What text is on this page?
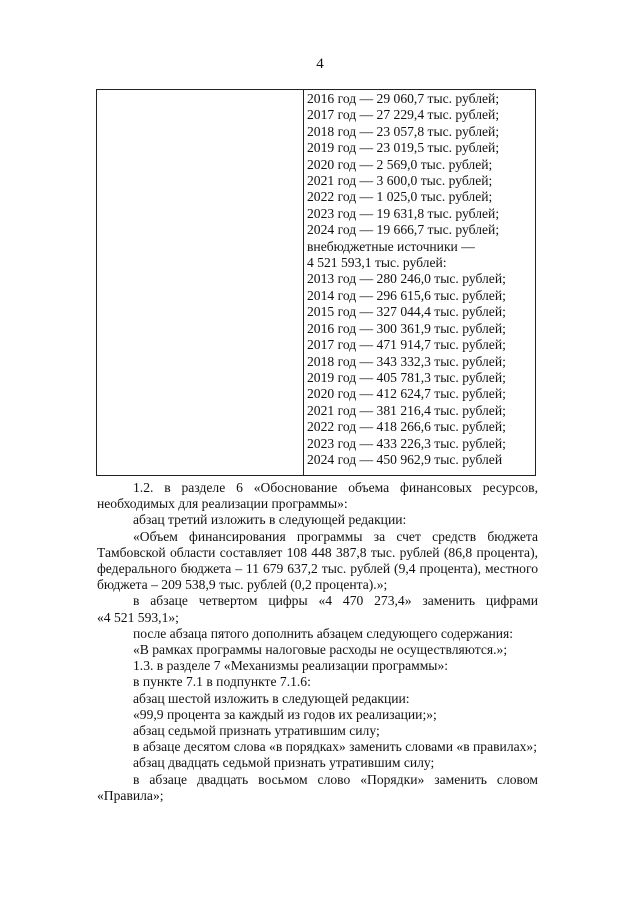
4
2016 год — 29 060,7 тыс. рублей;
2017 год — 27 229,4 тыс. рублей;
2018 год — 23 057,8 тыс. рублей;
2019 год — 23 019,5 тыс. рублей;
2020 год — 2 569,0 тыс. рублей;
2021 год — 3 600,0 тыс. рублей;
2022 год — 1 025,0 тыс. рублей;
2023 год — 19 631,8 тыс. рублей;
2024 год — 19 666,7 тыс. рублей;
внебюджетные источники —
4 521 593,1 тыс. рублей:
2013 год — 280 246,0 тыс. рублей;
2014 год — 296 615,6 тыс. рублей;
2015 год — 327 044,4 тыс. рублей;
2016 год — 300 361,9 тыс. рублей;
2017 год — 471 914,7 тыс. рублей;
2018 год — 343 332,3 тыс. рублей;
2019 год — 405 781,3 тыс. рублей;
2020 год — 412 624,7 тыс. рублей;
2021 год — 381 216,4 тыс. рублей;
2022 год — 418 266,6 тыс. рублей;
2023 год — 433 226,3 тыс. рублей;
2024 год — 450 962,9 тыс. рублей

1.2. в разделе 6 «Обоснование объема финансовых ресурсов,

необходимых для реализации программы»:

абзац третий изложить в следующей редакции:

«Объем финансирования программы за счет средств бюджета

Тамбовской области составляет 108 448 387,8 тыс. рублей (86,8 процента),

федерального бюджета – 11 679 637,2 тыс. рублей (9,4 процента), местного

бюджета – 209 538,9 тыс. рублей (0,2 процента).»;

в абзаце четвертом цифры «4 470 273,4» заменить цифрами

«4 521 593,1»;

после абзаца пятого дополнить абзацем следующего содержания:

«В рамках программы налоговые расходы не осуществляются.»;

1.3. в разделе 7 «Механизмы реализации программы»:

в пункте 7.1 в подпункте 7.1.6:

абзац шестой изложить в следующей редакции:

«99,9 процента за каждый из годов их реализации;»;

абзац седьмой признать утратившим силу;

в абзаце десятом слова «в порядках» заменить словами «в правилах»;

абзац двадцать седьмой признать утратившим силу;

в абзаце двадцать восьмом слово «Порядки» заменить словом

«Правила»;
